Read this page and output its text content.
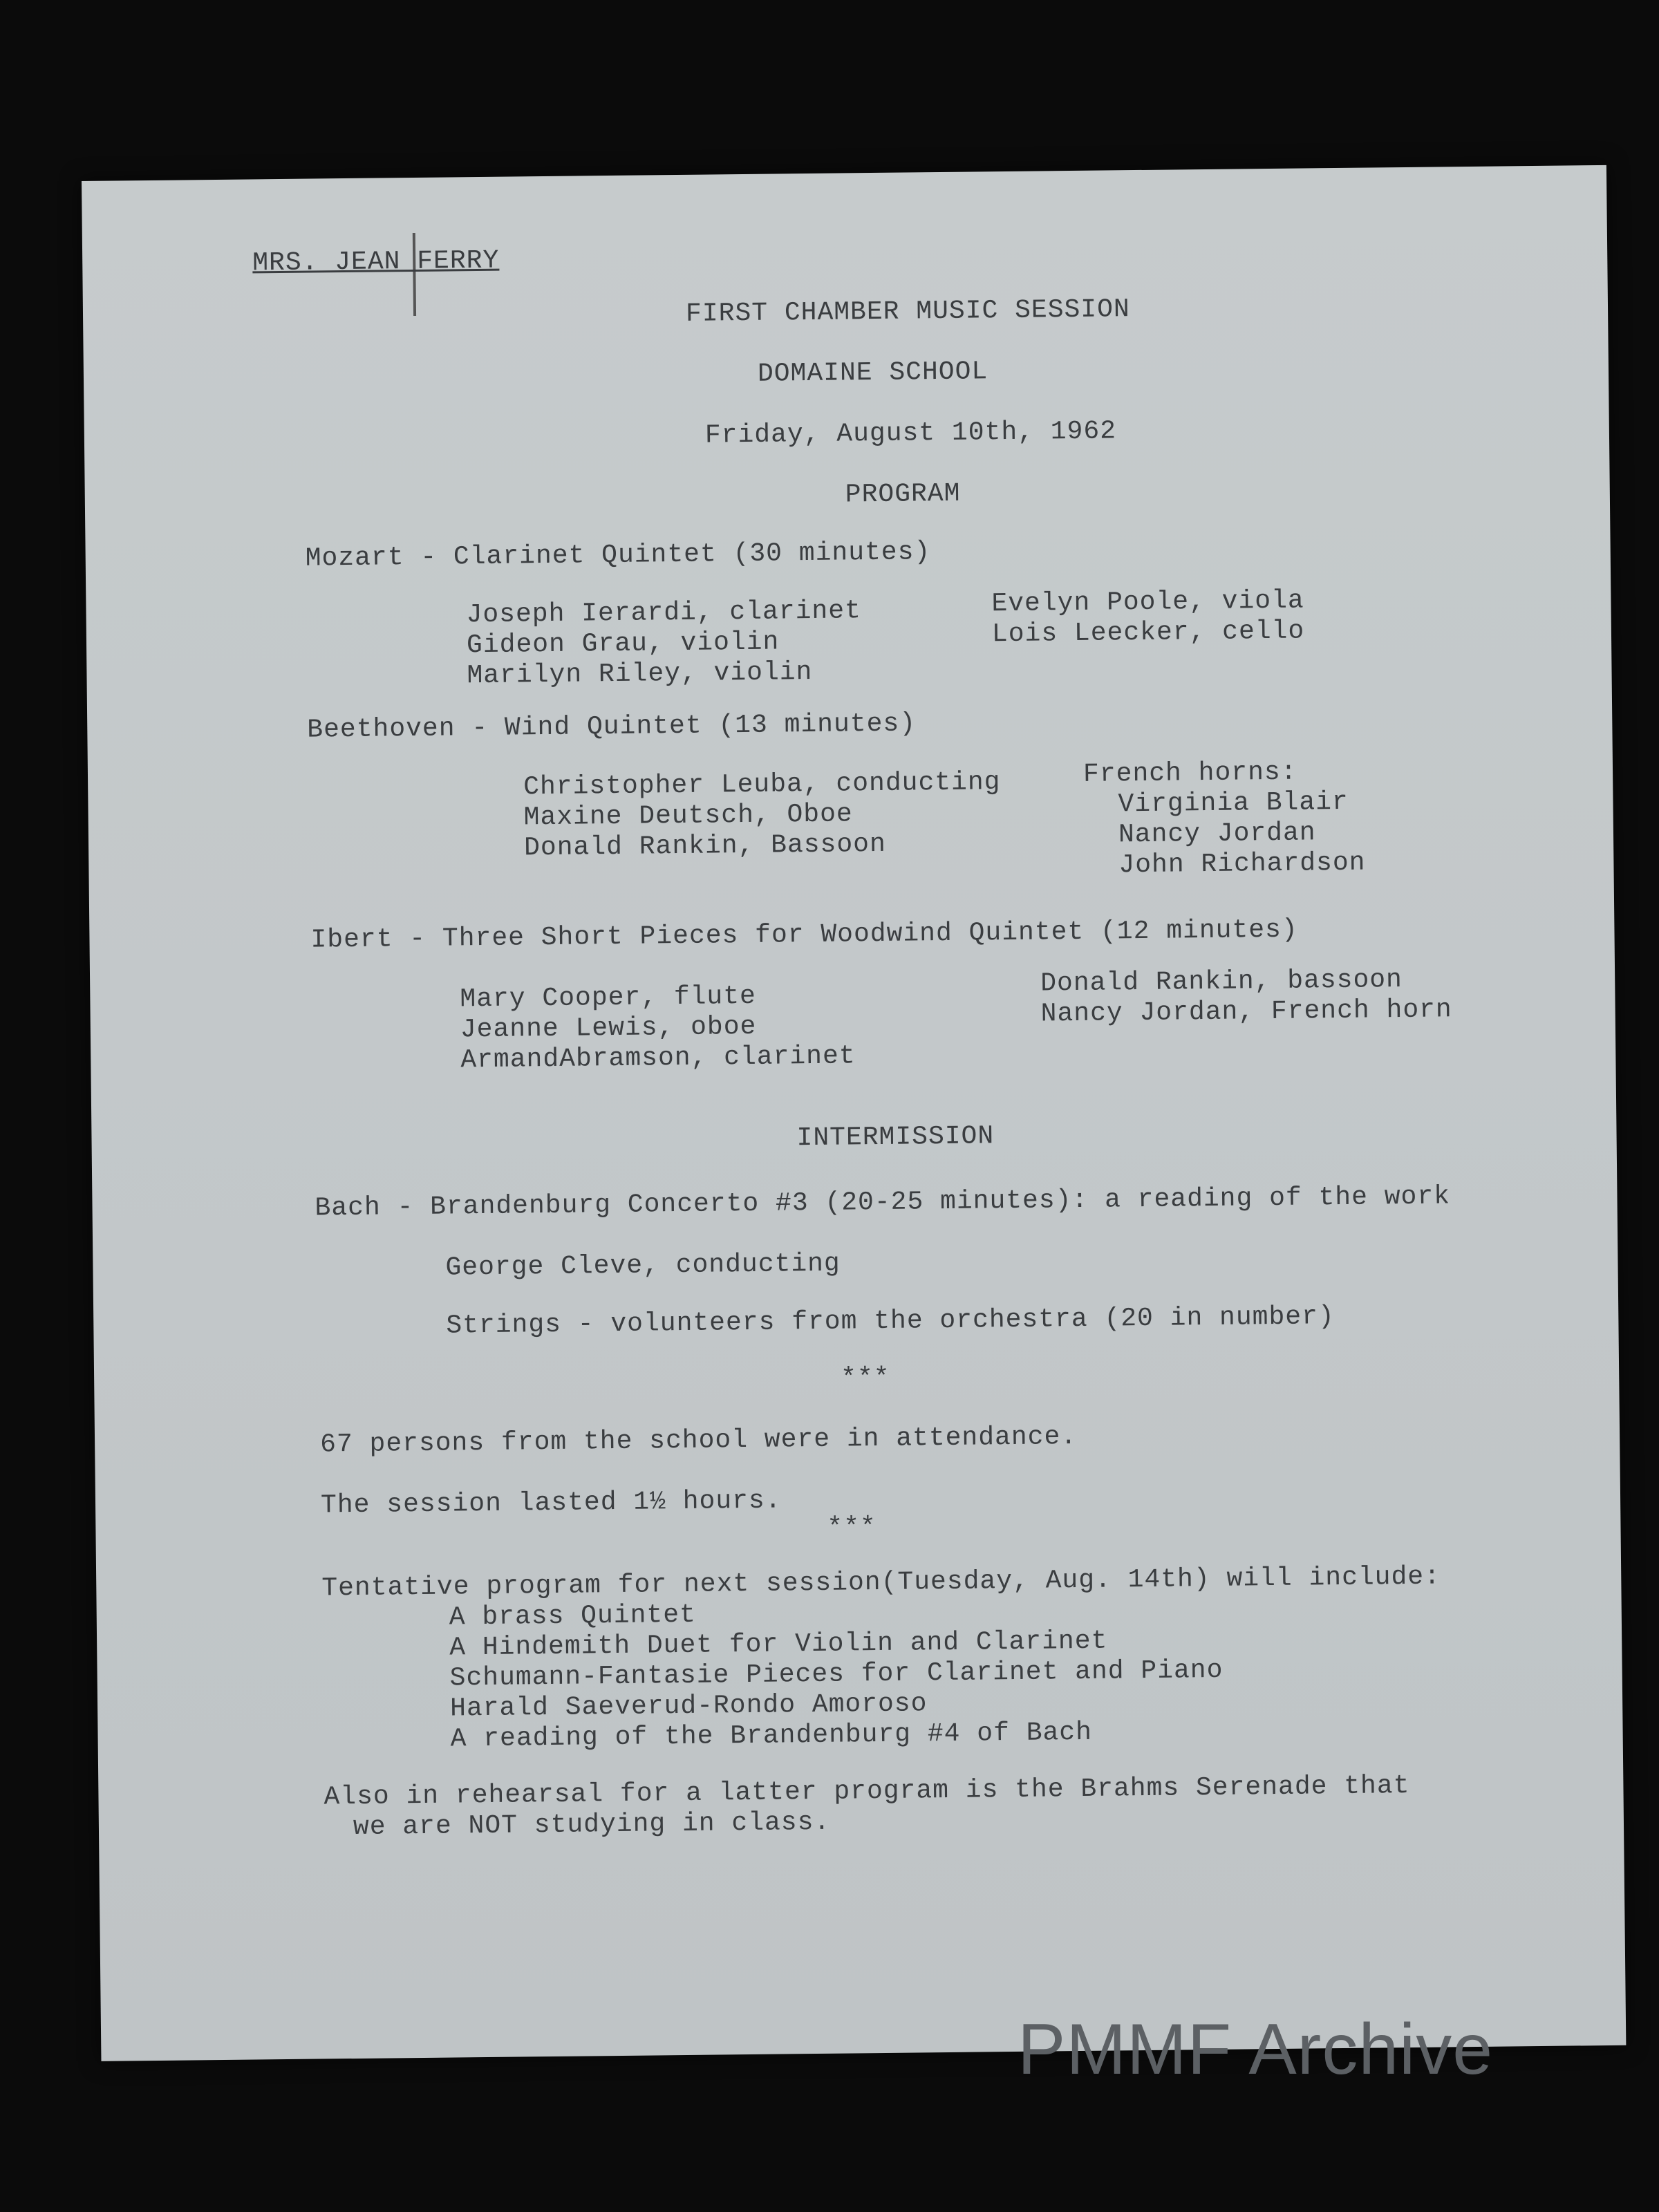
MRS. JEAN FERRY
FIRST CHAMBER MUSIC SESSION
DOMAINE SCHOOL
Friday, August 10th, 1962
PROGRAM
Mozart - Clarinet Quintet (30 minutes)
Joseph Ierardi, clarinet
Gideon Grau, violin
Marilyn Riley, violin
Evelyn Poole, viola
Lois Leecker, cello
Beethoven - Wind Quintet (13 minutes)
Christopher Leuba, conducting
Maxine Deutsch, Oboe
Donald Rankin, Bassoon
French horns:
Virginia Blair
Nancy Jordan
John Richardson
Ibert - Three Short Pieces for Woodwind Quintet (12 minutes)
Mary Cooper, flute
Jeanne Lewis, oboe
ArmandAbramson, clarinet
Donald Rankin, bassoon
Nancy Jordan, French horn
INTERMISSION
Bach - Brandenburg Concerto #3 (20-25 minutes): a reading of the work
George Cleve, conducting
Strings - volunteers from the orchestra (20 in number)
***
67 persons from the school were in attendance.
The session lasted 1½ hours.
***
Tentative program for next session(Tuesday, Aug. 14th) will include:
A brass Quintet
A Hindemith Duet for Violin and Clarinet
Schumann-Fantasie Pieces for Clarinet and Piano
Harald Saeverud-Rondo Amoroso
A reading of the Brandenburg #4 of Bach
Also in rehearsal for a latter program is the Brahms Serenade that
we are NOT studying in class.
PMMF Archive
